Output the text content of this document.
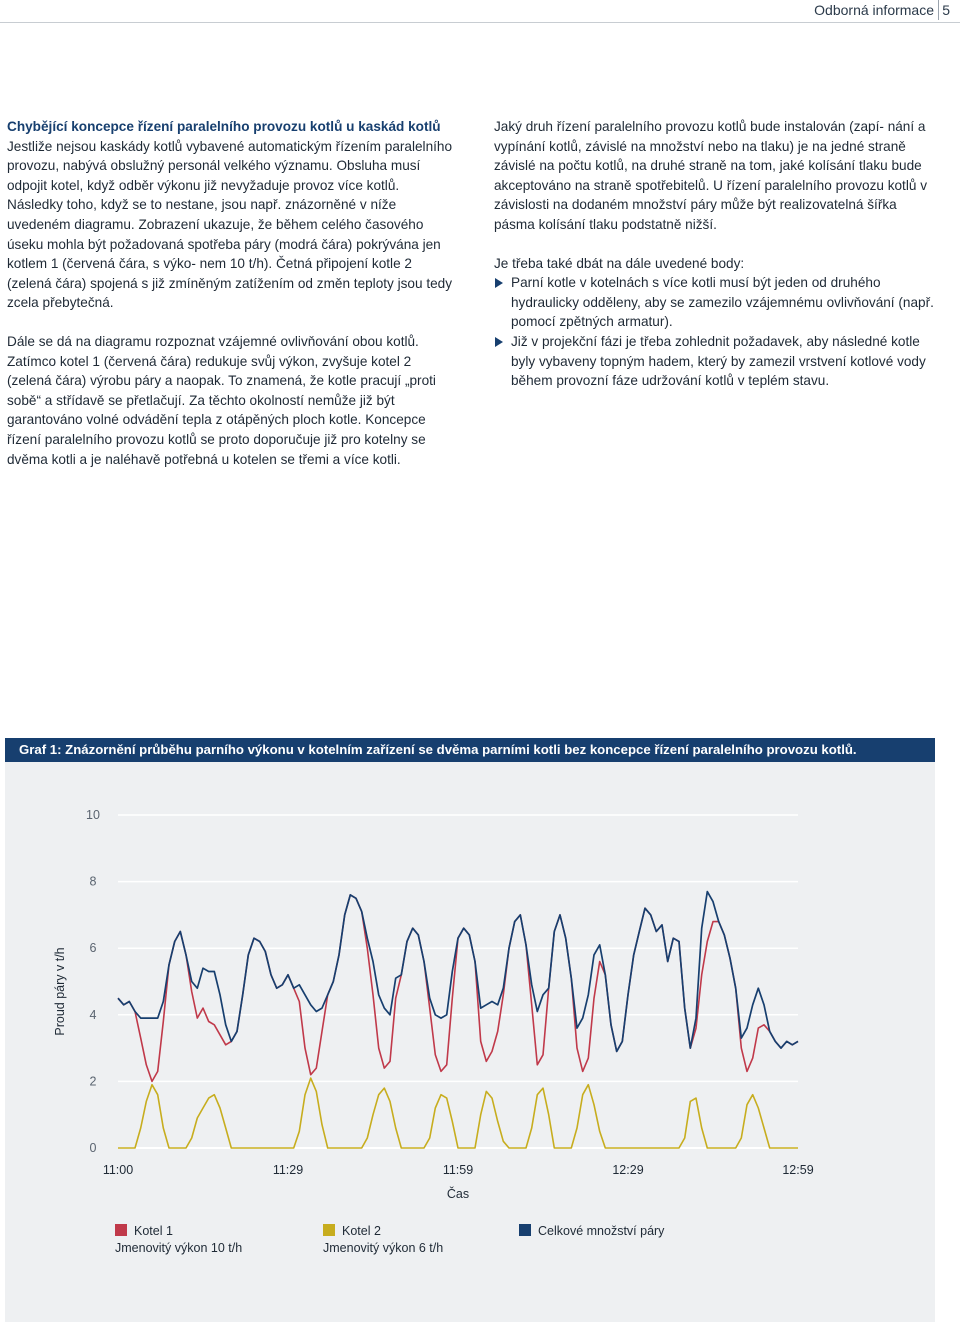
Odborná informace 5

Chybějící koncepce řízení paralelního provozu kotlů u kaskád kotlů
Jestliže nejsou kaskády kotlů vybavené automatickým řízením paralelního provozu, nabývá obslužný personál velkého významu. Obsluha musí odpojit kotel, když odběr výkonu již nevyžaduje provoz více kotlů. Následky toho, když se to nestane, jsou např. znázorněné v níže uvedeném diagramu. Zobrazení ukazuje, že během celého časového úseku mohla být požadovaná spotřeba páry (modrá čára) pokrývána jen kotlem 1 (červená čára, s výko- nem 10 t/h). Četná připojení kotle 2 (zelená čára) spojená s již zmíněným zatížením od změn teploty jsou tedy zcela přebytečná.

Dále se dá na diagramu rozpoznat vzájemné ovlivňování obou kotlů. Zatímco kotel 1 (červená čára) redukuje svůj výkon, zvyšuje kotel 2 (zelená čára) výrobu páry a naopak. To znamená, že kotle pracují „proti sobě“ a střídavě se přetlačují. Za těchto okolností nemůže již být garantováno volné odvádění tepla z otápěných ploch kotle. Koncepce řízení paralelního provozu kotlů se proto doporučuje již pro kotelny se dvěma kotli a je naléhavě potřebná u kotelen se třemi a více kotli.

Jaký druh řízení paralelního provozu kotlů bude instalován (zapí- nání a vypínání kotlů, závislé na množství nebo na tlaku) je na jedné straně závislé na počtu kotlů, na druhé straně na tom, jaké kolísání tlaku bude akceptováno na straně spotřebitelů. U řízení paralelního provozu kotlů v závislosti na dodaném množství páry může být realizovatelná šířka pásma kolísání tlaku podstatně nižší.

Je třeba také dbát na dále uvedené body:
Parní kotle v kotelnách s více kotli musí být jeden od druhého hydraulicky odděleny, aby se zamezilo vzájemnému ovlivňování (např. pomocí zpětných armatur).
Již v projekční fázi je třeba zohlednit požadavek, aby následné kotle byly vybaveny topným hadem, který by zamezil vrstvení kotlové vody během provozní fáze udržování kotlů v teplém stavu.
Graf 1: Znázornění průběhu parního výkonu v kotelním zařízení se dvěma parními kotli bez koncepce řízení paralelního provozu kotlů.
0
2
4
6
8
10
11:00	11:29	11:59	12:29	12:59
Čas
Proud páry v t/h
Kotel 1
Jmenovitý výkon 10 t/h
Kotel 2
Jmenovitý výkon 6 t/h
Celkové množství páry
